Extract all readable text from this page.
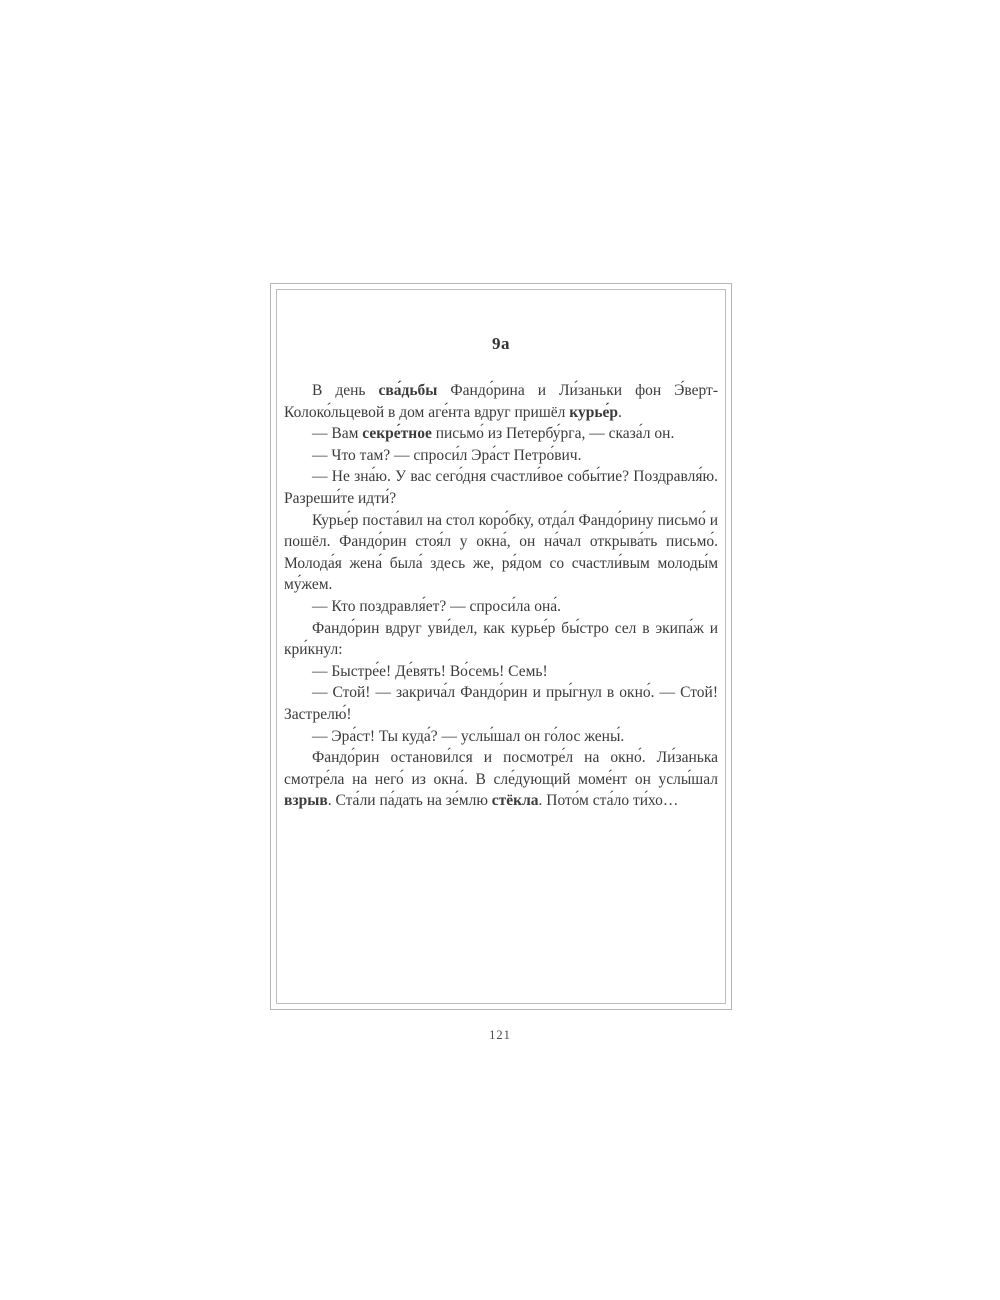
9а

В день сва́дьбы Фандо́рина и Ли́заньки фон Э́верт-Колоко́льцевой в дом аге́нта вдруг пришёл курье́р.

— Вам секре́тное письмо́ из Петербу́рга, — сказа́л он.

— Что там? — спроси́л Эра́ст Петро́вич.

— Не зна́ю. У вас сего́дня счастли́вое собы́тие? Поздравля́ю. Разреши́те идти́?

Курье́р поста́вил на стол коро́бку, отда́л Фандо́рину письмо́ и пошёл. Фандо́рин стоя́л у окна́, он на́чал открыва́ть письмо́. Молода́я жена́ была́ здесь же, ря́дом со счастли́вым молоды́м му́жем.

— Кто поздравля́ет? — спроси́ла она́.

Фандо́рин вдруг уви́дел, как курье́р бы́стро сел в экипа́ж и кри́кнул:

— Быстре́е! Де́вять! Во́семь! Семь!

— Стой! — закрича́л Фандо́рин и пры́гнул в окно́. — Стой! Застрелю́!

— Эра́ст! Ты куда́? — услы́шал он го́лос жены́.

Фандо́рин останови́лся и посмотре́л на окно́. Ли́занька смотре́ла на него́ из окна́. В сле́дующий моме́нт он услы́шал взрыв. Ста́ли па́дать на зе́млю стёкла. Пото́м ста́ло ти́хо…

121
